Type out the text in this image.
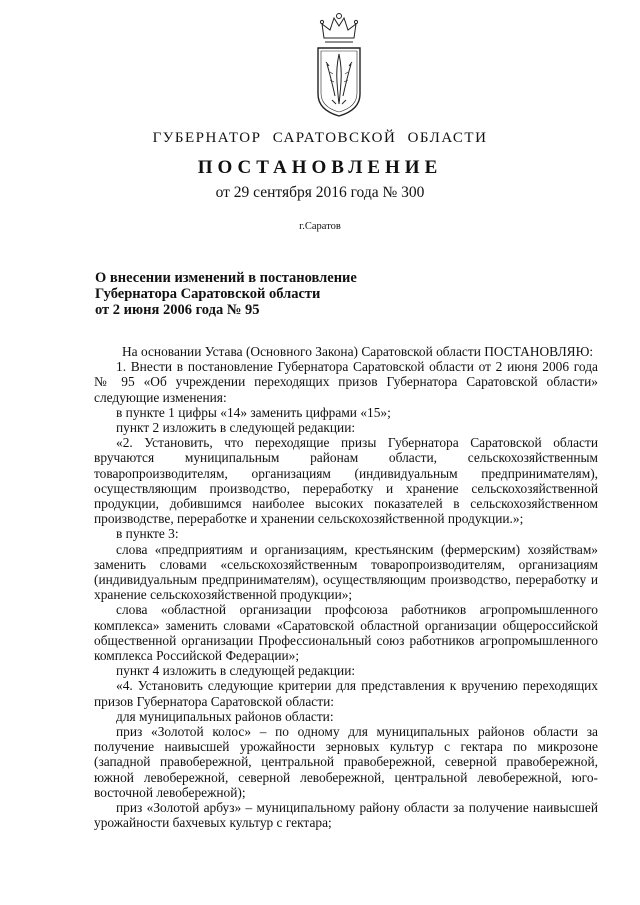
ГУБЕРНАТОР САРАТОВСКОЙ ОБЛАСТИ
ПОСТАНОВЛЕНИЕ
от 29 сентября 2016 года № 300
г.Саратов
О внесении изменений в постановление
Губернатора Саратовской области
от 2 июня 2006 года № 95

На основании Устава (Основного Закона) Саратовской области ПОСТАНОВЛЯЮ:

1. Внести в постановление Губернатора Саратовской области от 2 июня 2006 года № 95 «Об учреждении переходящих призов Губернатора Саратовской области» следующие изменения:

в пункте 1 цифры «14» заменить цифрами «15»;

пункт 2 изложить в следующей редакции:

«2. Установить, что переходящие призы Губернатора Саратовской области вручаются муниципальным районам области, сельскохозяйственным товаропроизводителям, организациям (индивидуальным предпринимателям), осуществляющим производство, переработку и хранение сельскохозяйственной продукции, добившимся наиболее высоких показателей в сельскохозяйственном производстве, переработке и хранении сельскохозяйственной продукции.»;

в пункте 3:

слова «предприятиям и организациям, крестьянским (фермерским) хозяйствам» заменить словами «сельскохозяйственным товаропроизводителям, организациям (индивидуальным предпринимателям), осуществляющим производство, переработку и хранение сельскохозяйственной продукции»;

слова «областной организации профсоюза работников агропромышленного комплекса» заменить словами «Саратовской областной организации общероссийской общественной организации Профессиональный союз работников агропромышленного комплекса Российской Федерации»;

пункт 4 изложить в следующей редакции:

«4. Установить следующие критерии для представления к вручению переходящих призов Губернатора Саратовской области:

для муниципальных районов области:

приз «Золотой колос» – по одному для муниципальных районов области за получение наивысшей урожайности зерновых культур с гектара по микрозоне (западной правобережной, центральной правобережной, северной правобережной, южной левобережной, северной левобережной, центральной левобережной, юго-восточной левобережной);

приз «Золотой арбуз» – муниципальному району области за получение наивысшей урожайности бахчевых культур с гектара;
